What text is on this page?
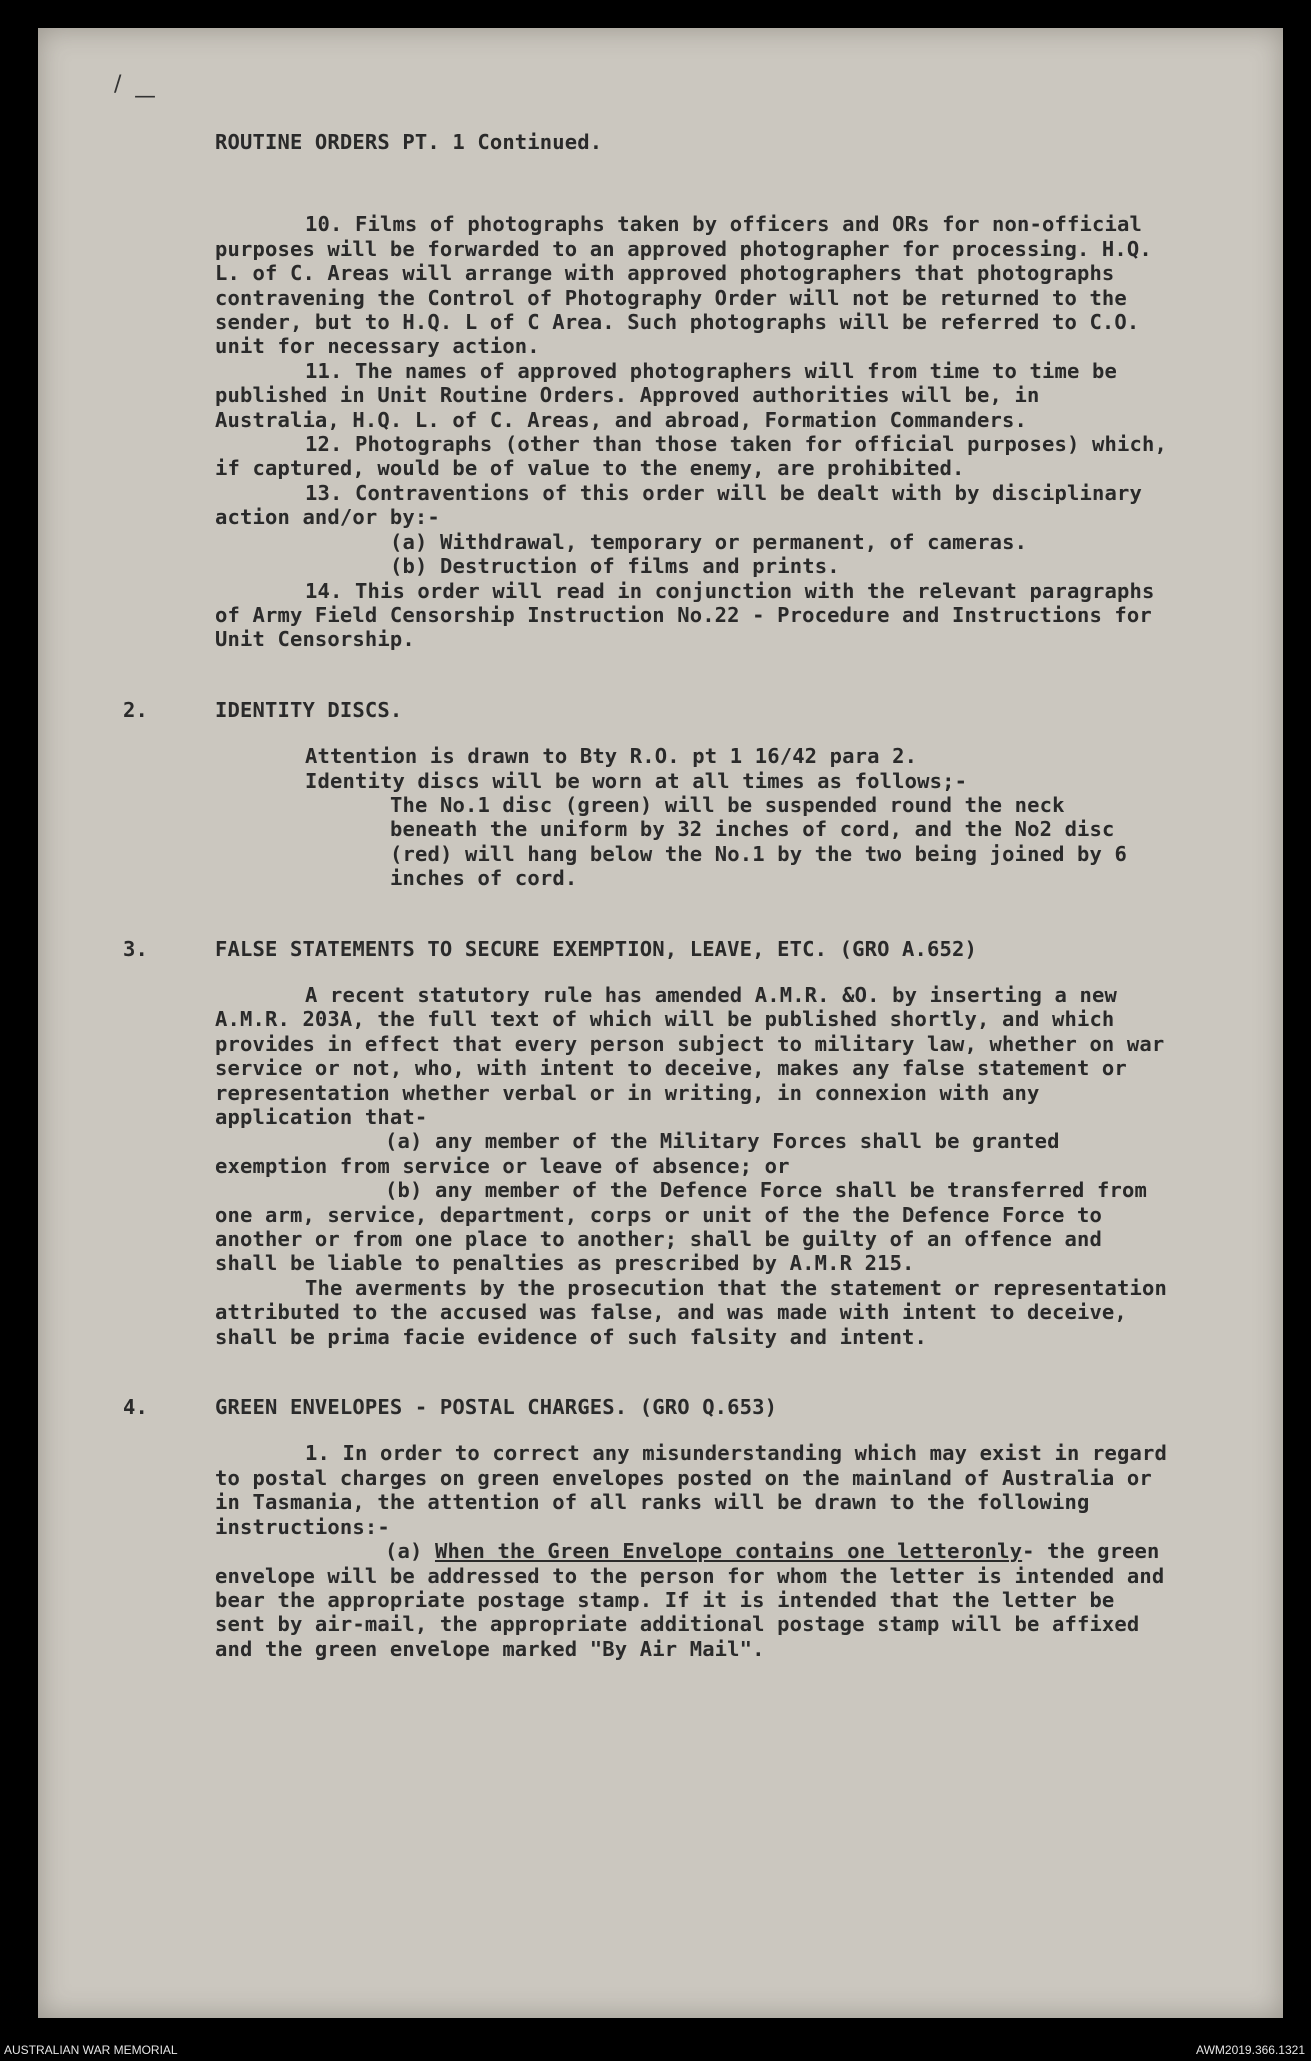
/ —

ROUTINE ORDERS PT. 1 Continued.

10. Films of photographs taken by officers and ORs for non-official purposes will be forwarded to an approved photographer for processing. H.Q. L. of C. Areas will arrange with approved photographers that photographs contravening the Control of Photography Order will not be returned to the sender, but to H.Q. L of C Area. Such photographs will be referred to C.O. unit for necessary action.

11. The names of approved photographers will from time to time be published in Unit Routine Orders. Approved authorities will be, in Australia, H.Q. L. of C. Areas, and abroad, Formation Commanders.

12. Photographs (other than those taken for official purposes) which, if captured, would be of value to the enemy, are prohibited.

13. Contraventions of this order will be dealt with by disciplinary action and/or by:-

(a) Withdrawal, temporary or permanent, of cameras.

(b) Destruction of films and prints.

14. This order will read in conjunction with the relevant paragraphs of Army Field Censorship Instruction No.22 - Procedure and Instructions for Unit Censorship.

2.	IDENTITY DISCS.

Attention is drawn to Bty R.O. pt 1 16/42 para 2.

Identity discs will be worn at all times as follows;-

The No.1 disc (green) will be suspended round the neck beneath the uniform by 32 inches of cord, and the No2 disc (red) will hang below the No.1 by the two being joined by 6 inches of cord.

3.	FALSE STATEMENTS TO SECURE EXEMPTION, LEAVE, ETC. (GRO A.652)

A recent statutory rule has amended A.M.R. &O. by inserting a new A.M.R. 203A, the full text of which will be published shortly, and which provides in effect that every person subject to military law, whether on war service or not, who, with intent to deceive, makes any false statement or representation whether verbal or in writing, in connexion with any application that-

(a) any member of the Military Forces shall be granted exemption from service or leave of absence; or

(b) any member of the Defence Force shall be transferred from one arm, service, department, corps or unit of the the Defence Force to another or from one place to another; shall be guilty of an offence and shall be liable to penalties as prescribed by A.M.R 215.

The averments by the prosecution that the statement or representation attributed to the accused was false, and was made with intent to deceive, shall be prima facie evidence of such falsity and intent.

4.	GREEN ENVELOPES - POSTAL CHARGES. (GRO Q.653)

1. In order to correct any misunderstanding which may exist in regard to postal charges on green envelopes posted on the mainland of Australia or in Tasmania, the attention of all ranks will be drawn to the following instructions:-

(a) When the Green Envelope contains one letteronly- the green envelope will be addressed to the person for whom the letter is intended and bear the appropriate postage stamp. If it is intended that the letter be sent by air-mail, the appropriate additional postage stamp will be affixed and the green envelope marked "By Air Mail".

AUSTRALIAN WAR MEMORIAL	AWM2019.366.1321
